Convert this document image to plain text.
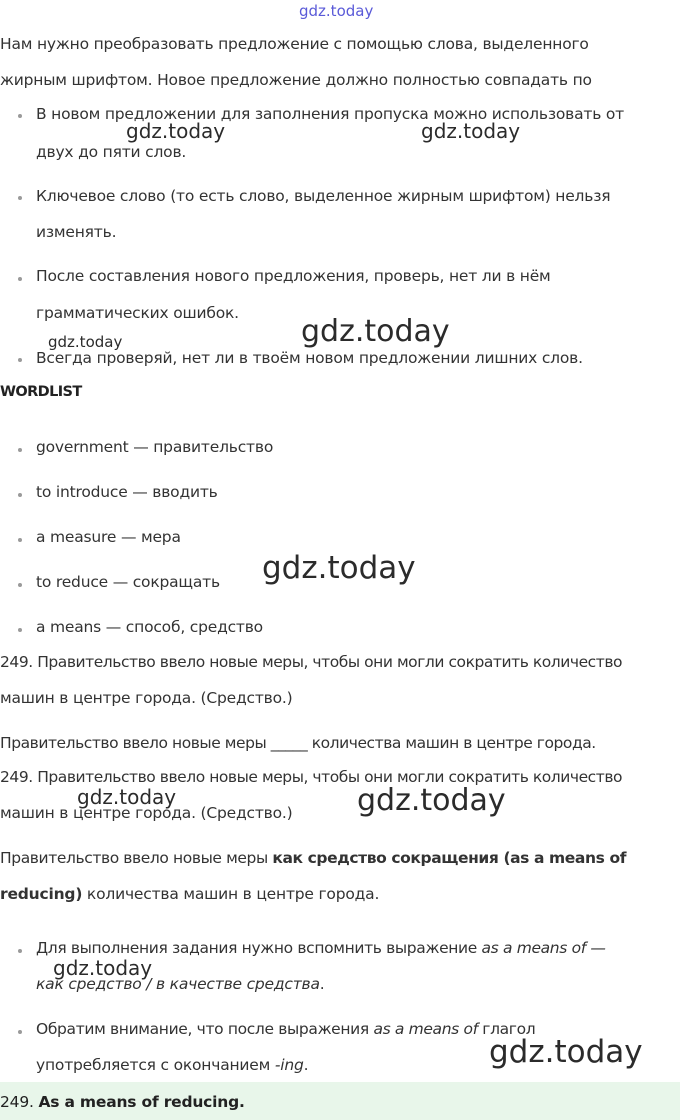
Нам нужно преобразовать предложение с помощью слова, выделенного
жирным шрифтом. Новое предложение должно полностью совпадать по
В новом предложении для заполнения пропуска можно использовать от
двух до пяти слов.
Ключевое слово (то есть слово, выделенное жирным шрифтом) нельзя
изменять.
После составления нового предложения, проверь, нет ли в нём
грамматических ошибок.
Всегда проверяй, нет ли в твоём новом предложении лишних слов.
WORDLIST
government — правительство
to introduce — вводить
a measure — мера
to reduce — сокращать
a means — способ, средство
249. Правительство ввело новые меры, чтобы они могли сократить количество
машин в центре города. (Средство.)
Правительство ввело новые меры _____ количества машин в центре города.
249. Правительство ввело новые меры, чтобы они могли сократить количество
машин в центре города. (Средство.)
Правительство ввело новые меры как средство сокращения (as a means of
reducing) количества машин в центре города.
Для выполнения задания нужно вспомнить выражение as a means of —
как средство / в качестве средства.
Обратим внимание, что после выражения as a means of глагол
употребляется с окончанием -ing.
249. As a means of reducing.
gdz.today
gdz.today	gdz.today
gdz.today	gdz.today
gdz.today
gdz.today	gdz.today
gdz.today
gdz.today
